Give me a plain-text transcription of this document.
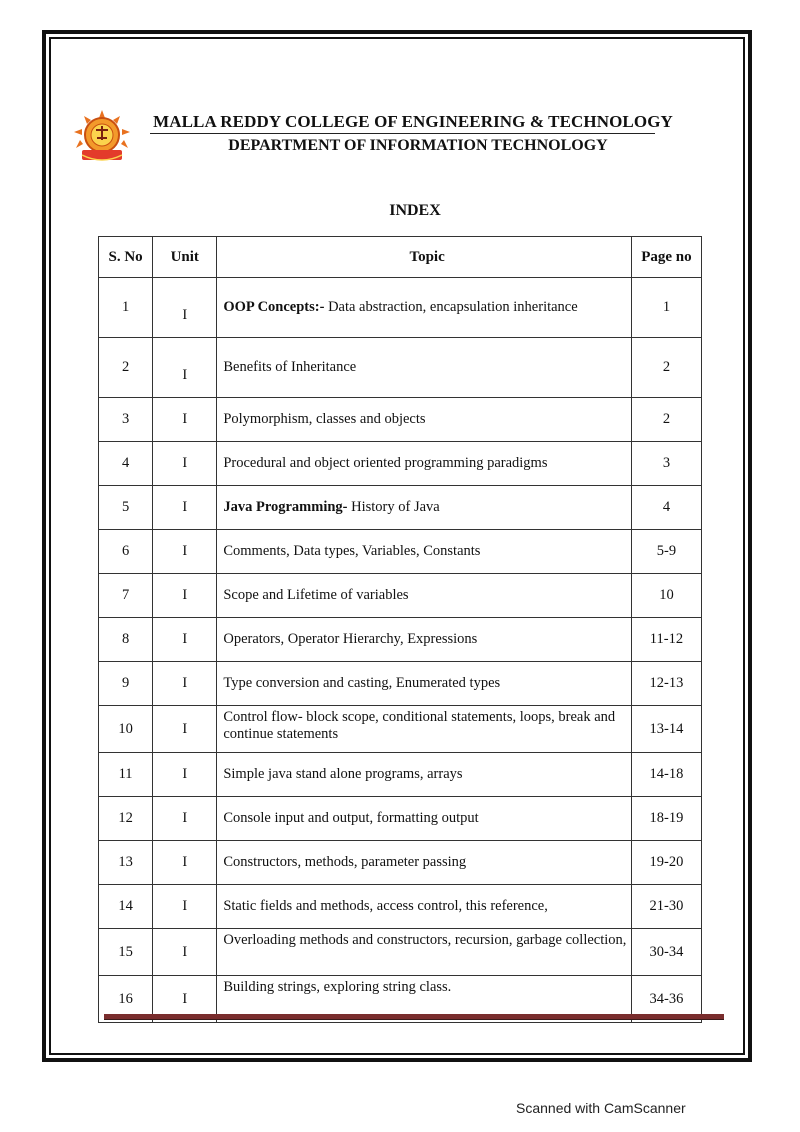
MALLA REDDY COLLEGE OF ENGINEERING & TECHNOLOGY
DEPARTMENT OF INFORMATION TECHNOLOGY
INDEX
S. No	Unit	Topic	Page no
1	I	OOP Concepts:- Data abstraction, encapsulation inheritance	1
2	I	Benefits of Inheritance	2
3	I	Polymorphism, classes and objects	2
4	I	Procedural and object oriented programming paradigms	3
5	I	Java Programming- History of Java	4
6	I	Comments, Data types, Variables, Constants	5-9
7	I	Scope and Lifetime of variables	10
8	I	Operators, Operator Hierarchy, Expressions	11-12
9	I	Type conversion and casting, Enumerated types	12-13
10	I	Control flow- block scope, conditional statements, loops, break and continue statements	13-14
11	I	Simple java stand alone programs, arrays	14-18
12	I	Console input and output, formatting output	18-19
13	I	Constructors, methods, parameter passing	19-20
14	I	Static fields and methods, access control, this reference,	21-30
15	I	Overloading methods and constructors, recursion, garbage collection,	30-34
16	I	Building strings, exploring string class.	34-36
Scanned with CamScanner
